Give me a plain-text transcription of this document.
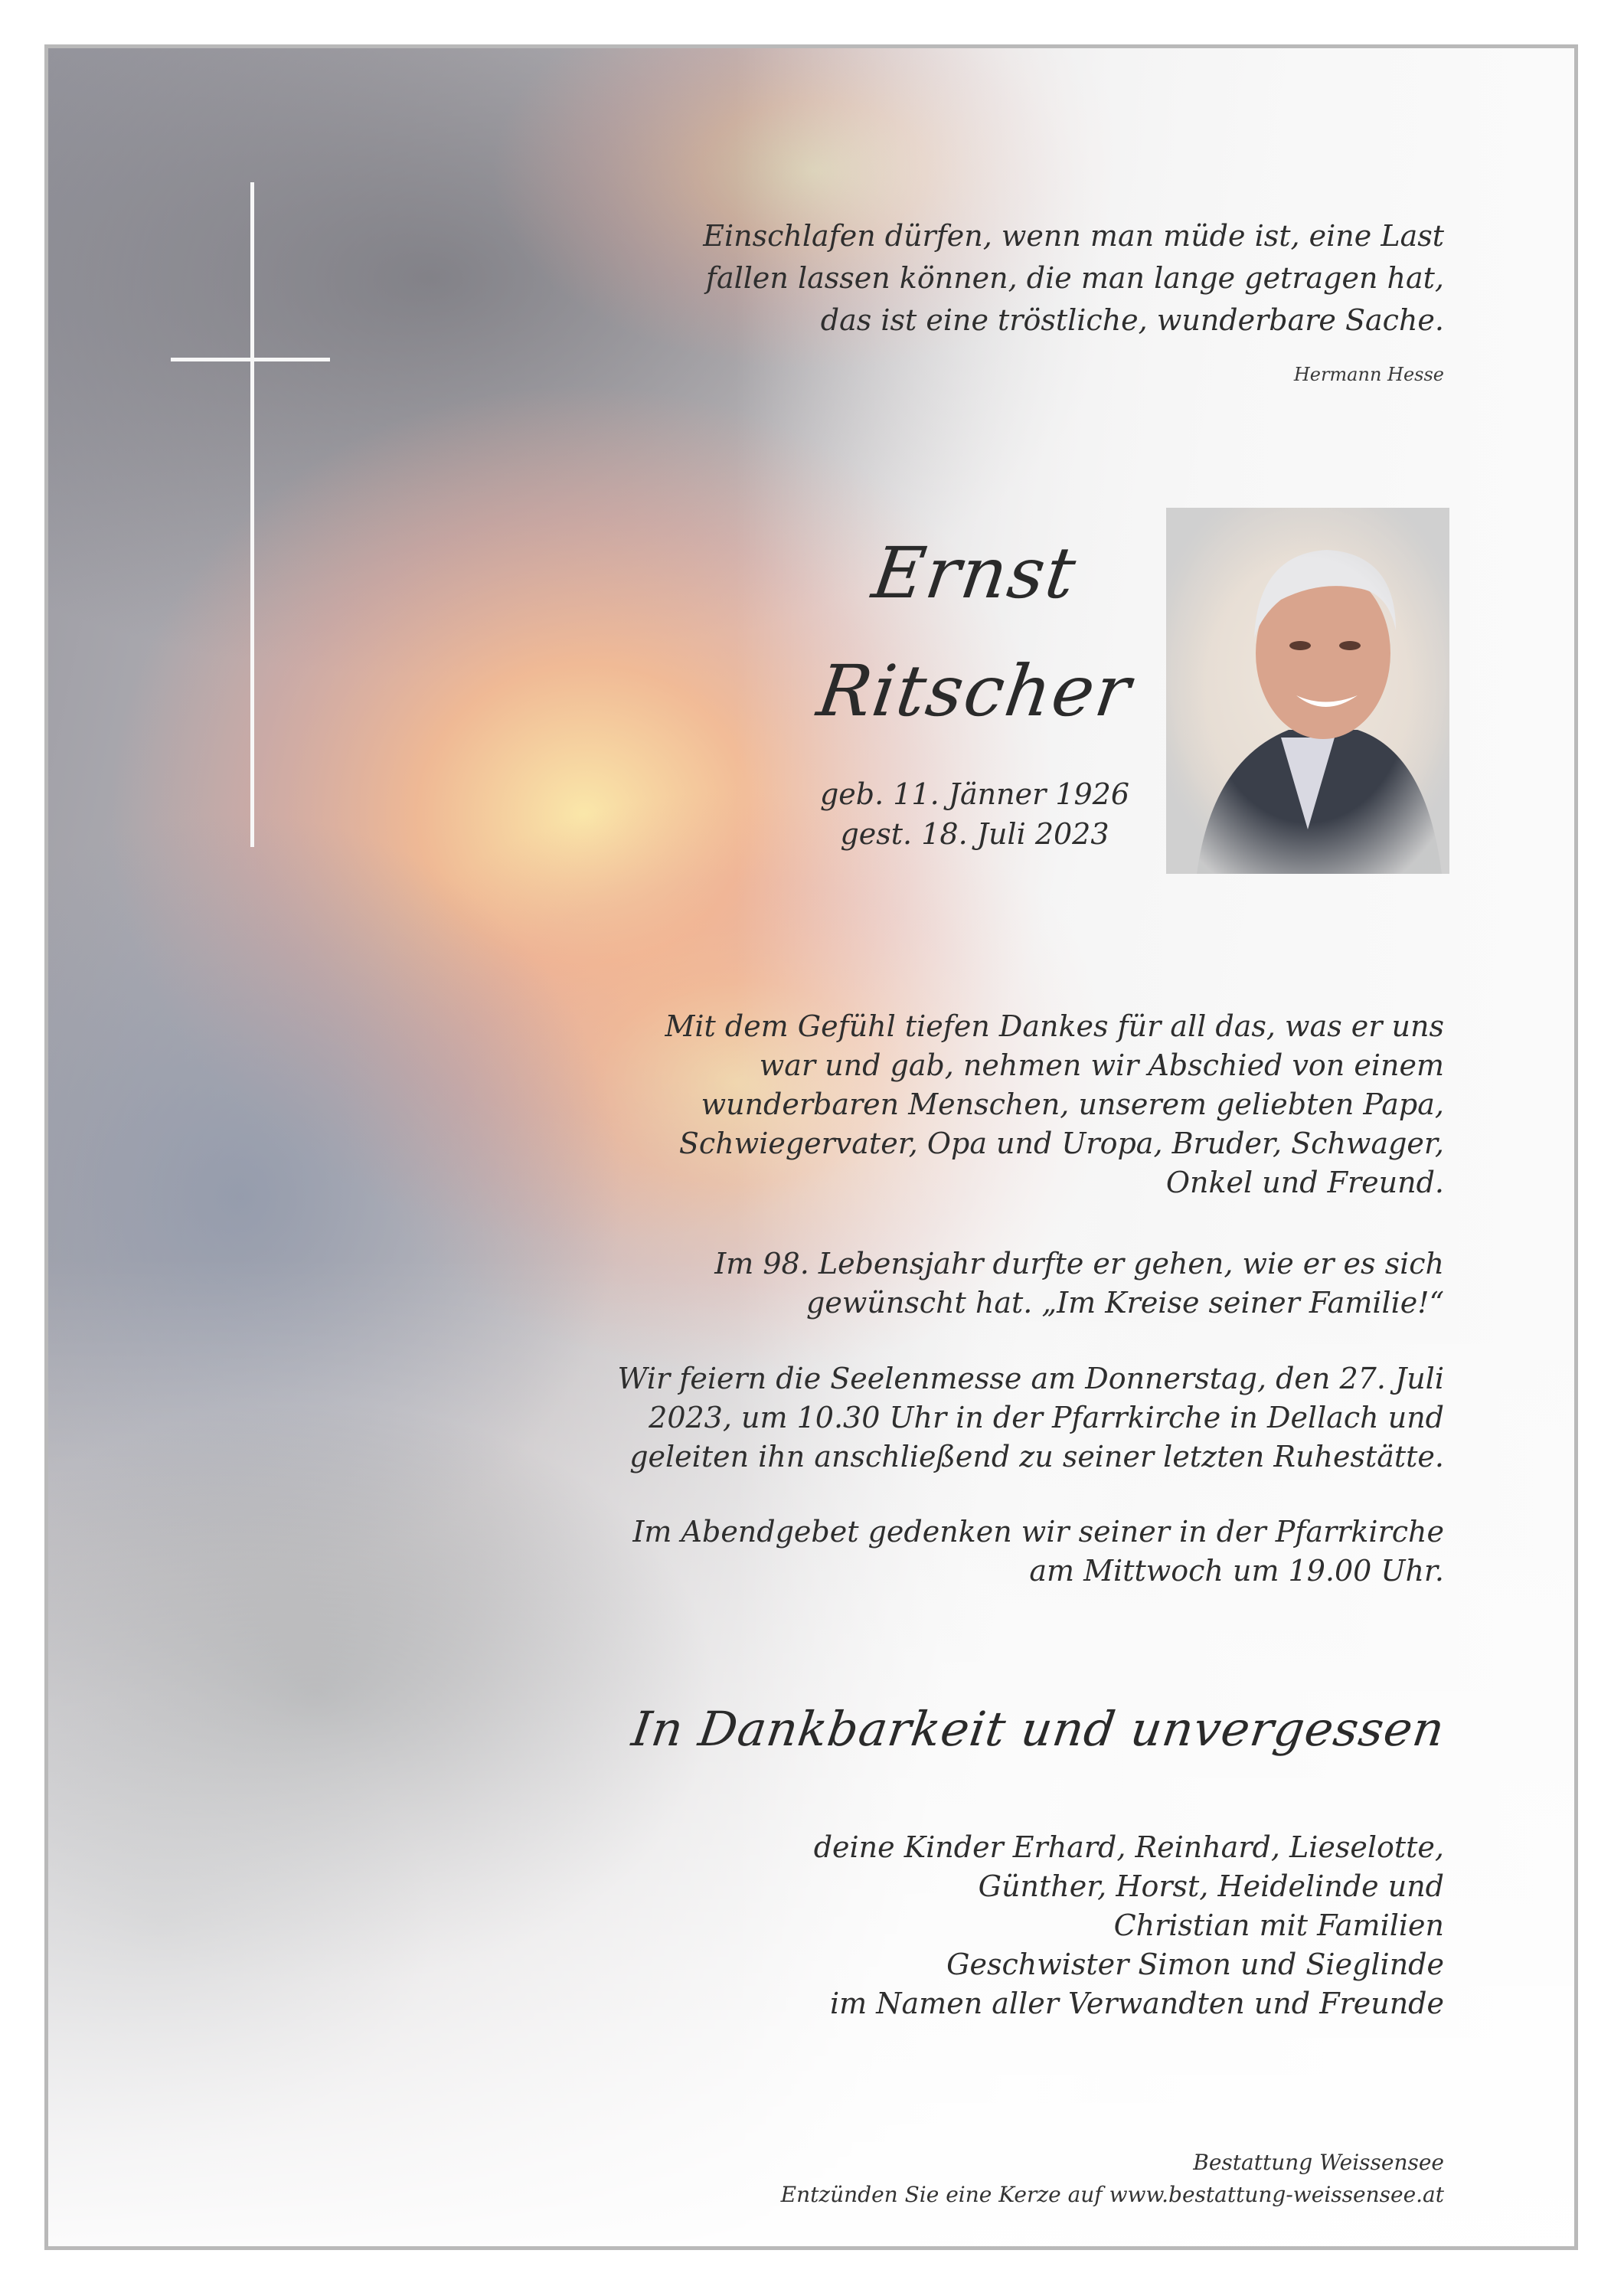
Einschlafen dürfen, wenn man müde ist, eine Last
fallen lassen können, die man lange getragen hat,
das ist eine tröstliche, wunderbare Sache.
Hermann Hesse
Ernst
Ritscher
geb. 11. Jänner 1926
gest. 18. Juli 2023
Mit dem Gefühl tiefen Dankes für all das, was er uns
war und gab, nehmen wir Abschied von einem
wunderbaren Menschen, unserem geliebten Papa,
Schwiegervater, Opa und Uropa, Bruder, Schwager,
Onkel und Freund.
Im 98. Lebensjahr durfte er gehen, wie er es sich
gewünscht hat. „Im Kreise seiner Familie!“
Wir feiern die Seelenmesse am Donnerstag, den 27. Juli
2023, um 10.30 Uhr in der Pfarrkirche in Dellach und
geleiten ihn anschließend zu seiner letzten Ruhestätte.
Im Abendgebet gedenken wir seiner in der Pfarrkirche
am Mittwoch um 19.00 Uhr.
In Dankbarkeit und unvergessen
deine Kinder Erhard, Reinhard, Lieselotte,
Günther, Horst, Heidelinde und
Christian mit Familien
Geschwister Simon und Sieglinde
im Namen aller Verwandten und Freunde
Bestattung Weissensee
Entzünden Sie eine Kerze auf www.bestattung-weissensee.at
